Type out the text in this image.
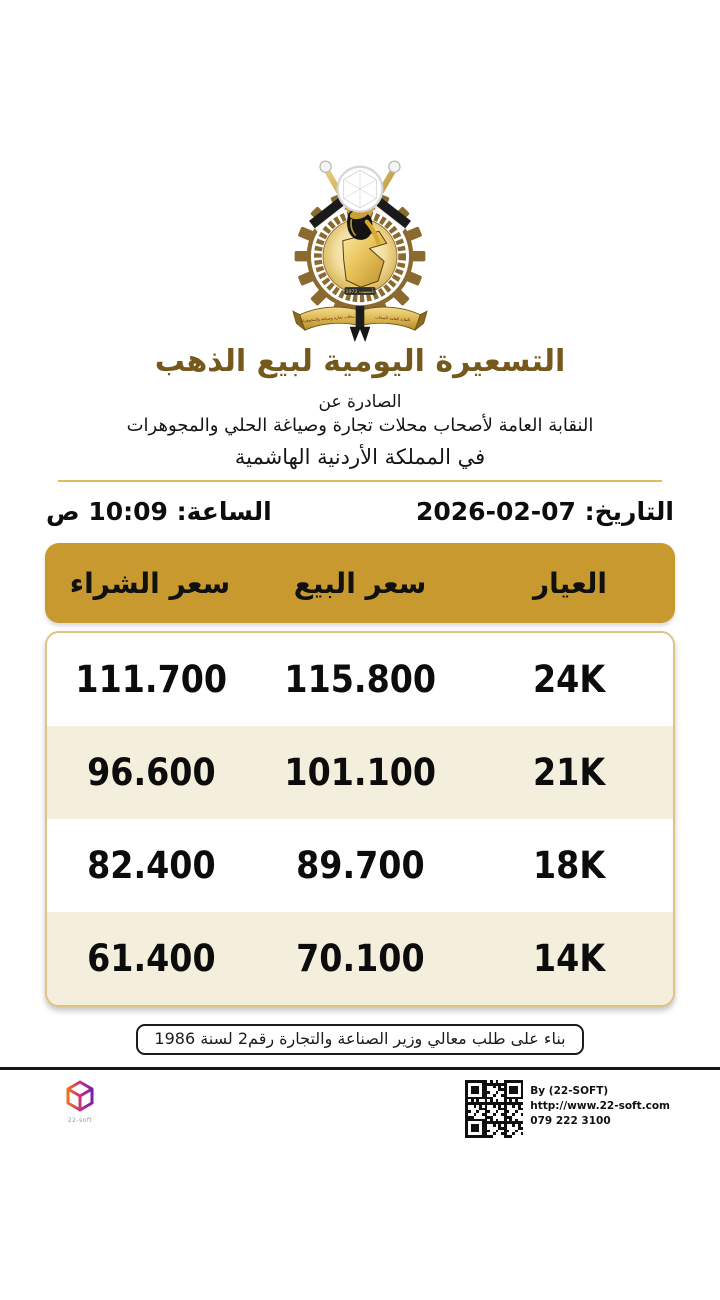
تأسست 1972
محلات تجارة وصياغة والمجوهرات	النقابة العامة لأصحاب
التسعيرة اليومية لبيع الذهب
الصادرة عن
النقابة العامة لأصحاب محلات تجارة وصياغة الحلي والمجوهرات
في المملكة الأردنية الهاشمية
التاريخ: 07-02-2026
الساعة: 10:09 ص
العيار
سعر البيع
سعر الشراء
24K
115.800
111.700
21K
101.100
96.600
18K
89.700
82.400
14K
70.100
61.400
بناء على طلب معالي وزير الصناعة والتجارة رقم2 لسنة 1986
22-soft
By (22-SOFT)
http://www.22-soft.com
079 222 3100
